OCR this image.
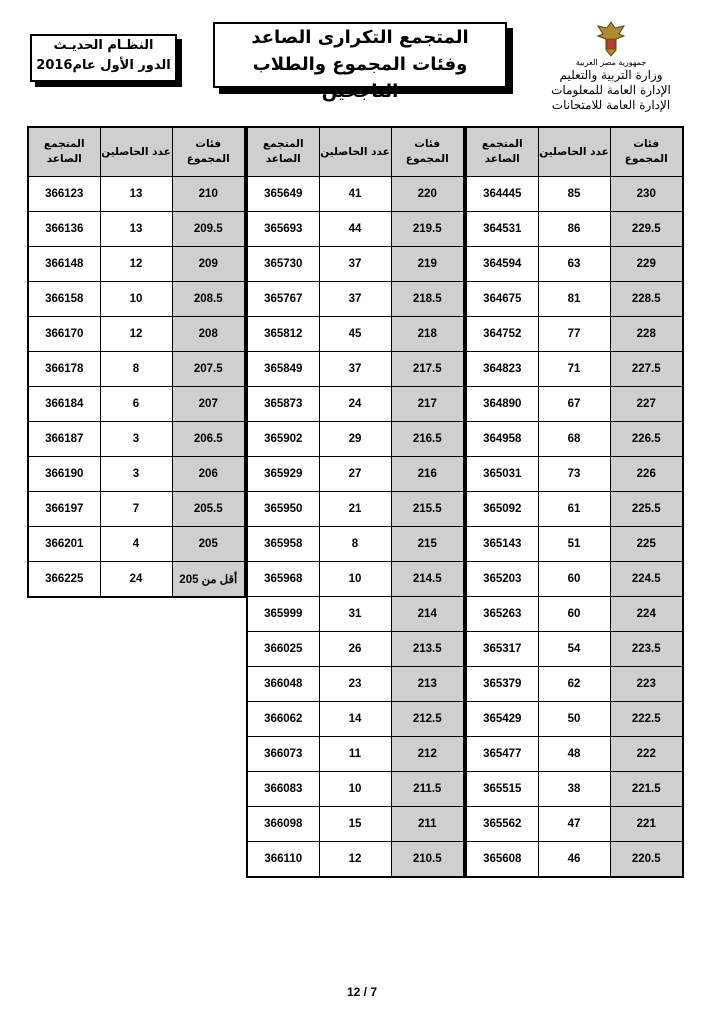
جمهورية مصر العربية
وزارة التربية والتعليم
الإدارة العامة للمعلومات
الإدارة العامة للامتحانات
المتجمع التكرارى الصاعد
وفئات المجموع والطلاب الناجحين
النظـام الحديـث
الدور الأول عام2016
المتجمع الصاعد	عدد الحاصلين	فئات المجموع
366123	13	210
366136	13	209.5
366148	12	209
366158	10	208.5
366170	12	208
366178	8	207.5
366184	6	207
366187	3	206.5
366190	3	206
366197	7	205.5
366201	4	205
366225	24	أقل من 205
المتجمع الصاعد	عدد الحاصلين	فئات المجموع
365649	41	220
365693	44	219.5
365730	37	219
365767	37	218.5
365812	45	218
365849	37	217.5
365873	24	217
365902	29	216.5
365929	27	216
365950	21	215.5
365958	8	215
365968	10	214.5
365999	31	214
366025	26	213.5
366048	23	213
366062	14	212.5
366073	11	212
366083	10	211.5
366098	15	211
366110	12	210.5
المتجمع الصاعد	عدد الحاصلين	فئات المجموع
364445	85	230
364531	86	229.5
364594	63	229
364675	81	228.5
364752	77	228
364823	71	227.5
364890	67	227
364958	68	226.5
365031	73	226
365092	61	225.5
365143	51	225
365203	60	224.5
365263	60	224
365317	54	223.5
365379	62	223
365429	50	222.5
365477	48	222
365515	38	221.5
365562	47	221
365608	46	220.5
12 / 7
